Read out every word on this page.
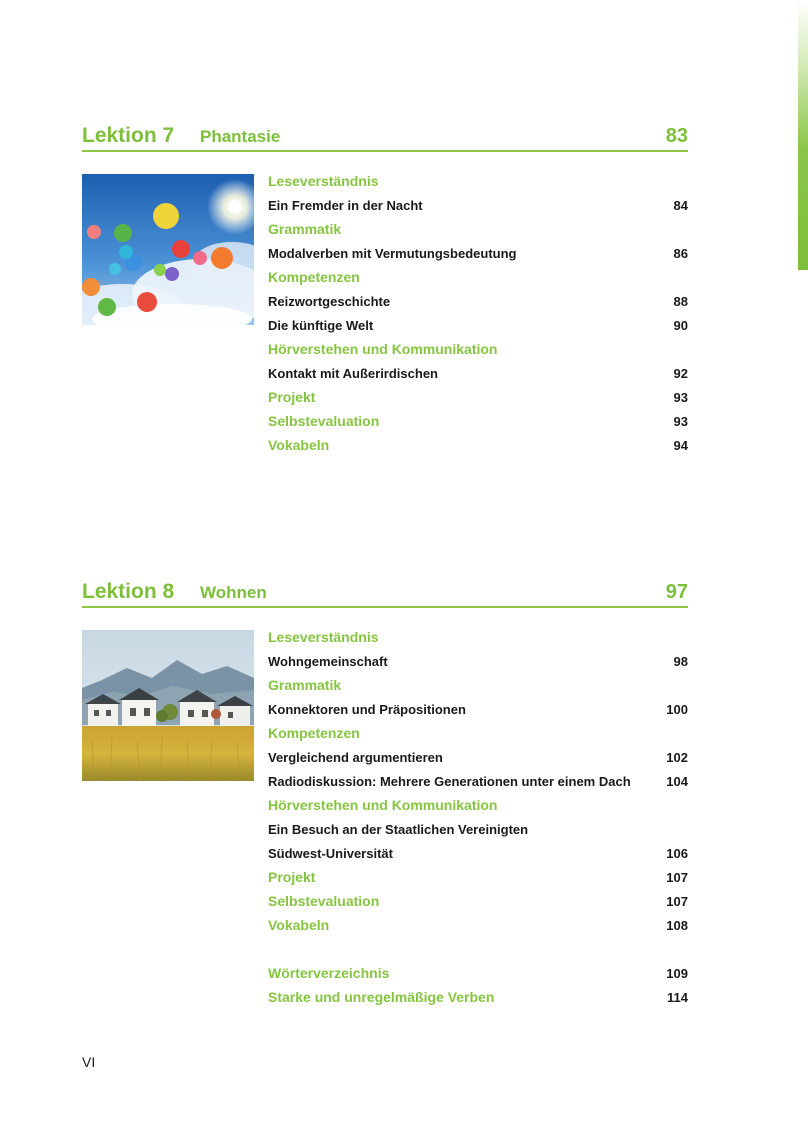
Lektion 7 Phantasie	83
Leseverständnis
Ein Fremder in der Nacht	84
Grammatik
Modalverben mit Vermutungsbedeutung	86
Kompetenzen
Reizwortgeschichte	88
Die künftige Welt	90
Hörverstehen und Kommunikation
Kontakt mit Außerirdischen	92
Projekt	93
Selbstevaluation	93
Vokabeln	94
Lektion 8 Wohnen	97
Leseverständnis
Wohngemeinschaft	98
Grammatik
Konnektoren und Präpositionen	100
Kompetenzen
Vergleichend argumentieren	102
Radiodiskussion: Mehrere Generationen unter einem Dach	104
Hörverstehen und Kommunikation
Ein Besuch an der Staatlichen Vereinigten
Südwest-Universität	106
Projekt	107
Selbstevaluation	107
Vokabeln	108
Wörterverzeichnis	109
Starke und unregelmäßige Verben	114
VI
